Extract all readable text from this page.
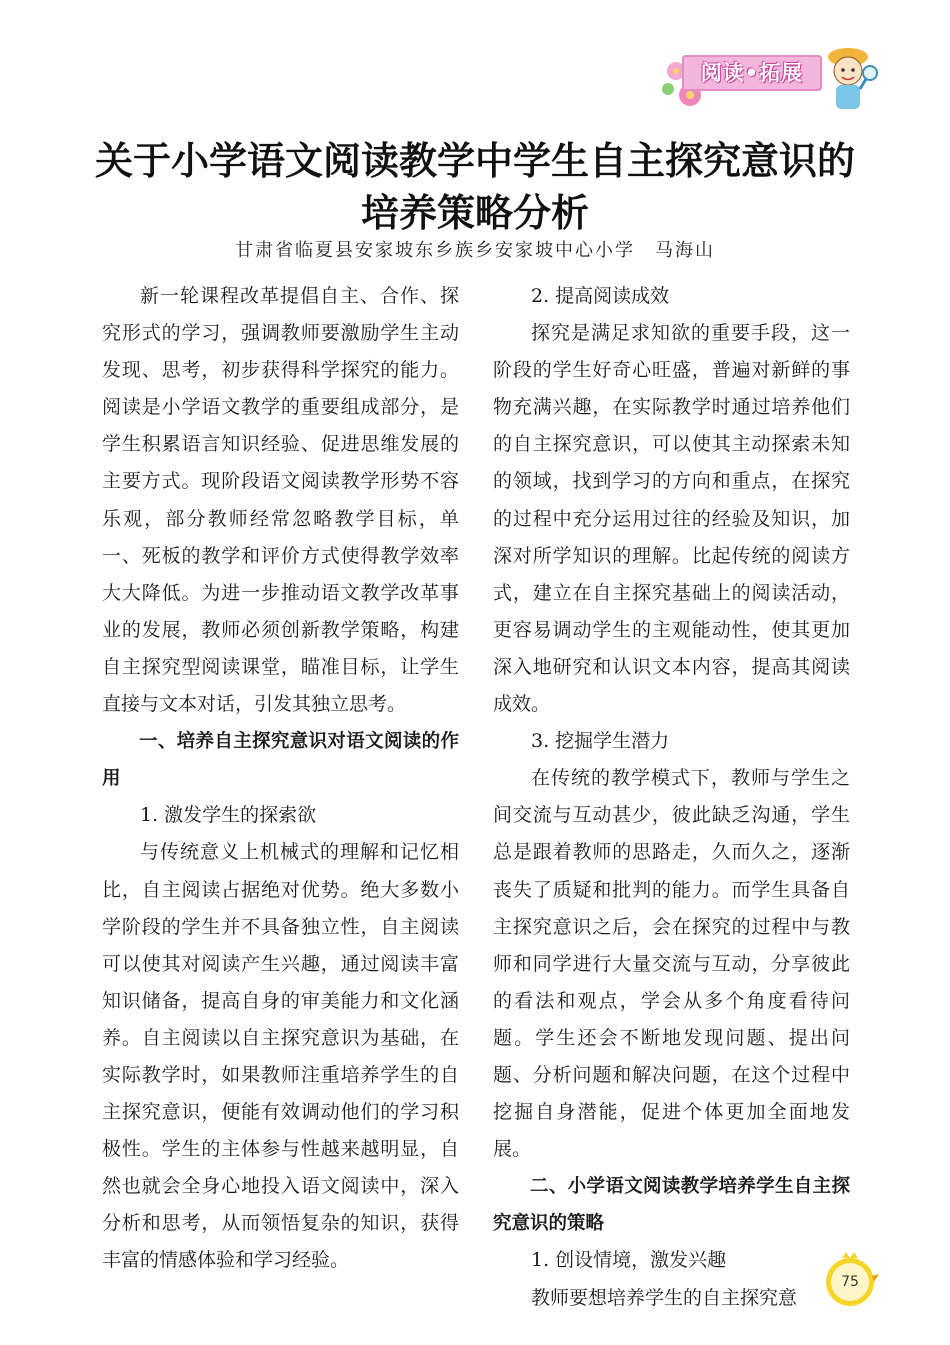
阅读•拓展
关于小学语文阅读教学中学生自主探究意识的
培养策略分析
甘肃省临夏县安家坡东乡族乡安家坡中心小学　马海山

新一轮课程改革提倡自主、合作、探究形式的学习，强调教师要激励学生主动发现、思考，初步获得科学探究的能力。阅读是小学语文教学的重要组成部分，是学生积累语言知识经验、促进思维发展的主要方式。现阶段语文阅读教学形势不容乐观，部分教师经常忽略教学目标，单一、死板的教学和评价方式使得教学效率大大降低。为进一步推动语文教学改革事业的发展，教师必须创新教学策略，构建自主探究型阅读课堂，瞄准目标，让学生直接与文本对话，引发其独立思考。

一、培养自主探究意识对语文阅读的作用

1. 激发学生的探索欲

与传统意义上机械式的理解和记忆相比，自主阅读占据绝对优势。绝大多数小学阶段的学生并不具备独立性，自主阅读可以使其对阅读产生兴趣，通过阅读丰富知识储备，提高自身的审美能力和文化涵养。自主阅读以自主探究意识为基础，在实际教学时，如果教师注重培养学生的自主探究意识，便能有效调动他们的学习积极性。学生的主体参与性越来越明显，自然也就会全身心地投入语文阅读中，深入分析和思考，从而领悟复杂的知识，获得丰富的情感体验和学习经验。

2. 提高阅读成效

探究是满足求知欲的重要手段，这一阶段的学生好奇心旺盛，普遍对新鲜的事物充满兴趣，在实际教学时通过培养他们的自主探究意识，可以使其主动探索未知的领域，找到学习的方向和重点，在探究的过程中充分运用过往的经验及知识，加深对所学知识的理解。比起传统的阅读方式，建立在自主探究基础上的阅读活动，更容易调动学生的主观能动性，使其更加深入地研究和认识文本内容，提高其阅读成效。

3. 挖掘学生潜力

在传统的教学模式下，教师与学生之间交流与互动甚少，彼此缺乏沟通，学生总是跟着教师的思路走，久而久之，逐渐丧失了质疑和批判的能力。而学生具备自主探究意识之后，会在探究的过程中与教师和同学进行大量交流与互动，分享彼此的看法和观点，学会从多个角度看待问题。学生还会不断地发现问题、提出问题、分析问题和解决问题，在这个过程中挖掘自身潜能，促进个体更加全面地发展。

二、小学语文阅读教学培养学生自主探究意识的策略

1. 创设情境，激发兴趣

教师要想培养学生的自主探究意

75
